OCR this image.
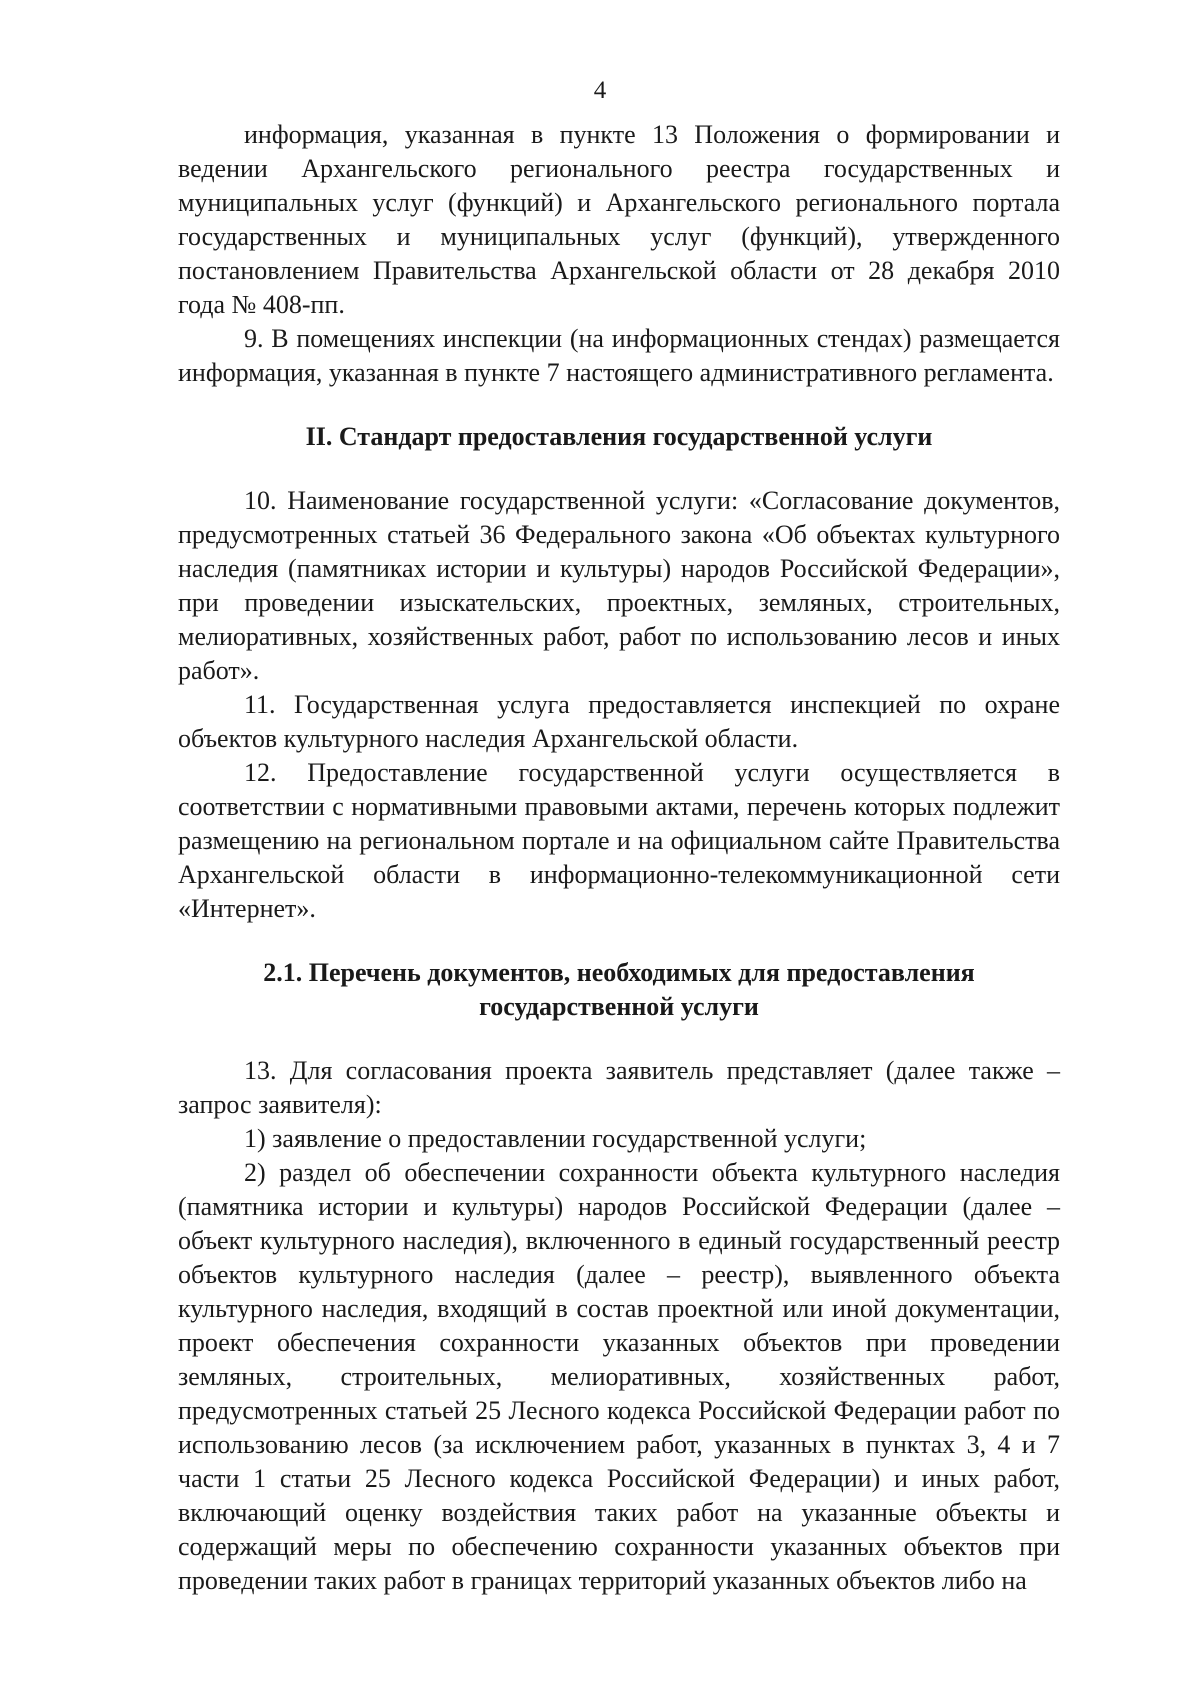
4

информация, указанная в пункте 13 Положения о формировании и ведении Архангельского регионального реестра государственных и муниципальных услуг (функций) и Архангельского регионального портала государственных и муниципальных услуг (функций), утвержденного постановлением Правительства Архангельской области от 28 декабря 2010 года № 408-пп.

9. В помещениях инспекции (на информационных стендах) размещается информация, указанная в пункте 7 настоящего административного регламента.

II. Стандарт предоставления государственной услуги

10. Наименование государственной услуги: «Согласование документов, предусмотренных статьей 36 Федерального закона «Об объектах культурного наследия (памятниках истории и культуры) народов Российской Федерации», при проведении изыскательских, проектных, земляных, строительных, мелиоративных, хозяйственных работ, работ по использованию лесов и иных работ».

11. Государственная услуга предоставляется инспекцией по охране объектов культурного наследия Архангельской области.

12. Предоставление государственной услуги осуществляется в соответствии с нормативными правовыми актами, перечень которых подлежит размещению на региональном портале и на официальном сайте Правительства Архангельской области в информационно-телекоммуникационной сети «Интернет».

2.1. Перечень документов, необходимых для предоставления
государственной услуги

13. Для согласования проекта заявитель представляет (далее также – запрос заявителя):

1) заявление о предоставлении государственной услуги;

2) раздел об обеспечении сохранности объекта культурного наследия (памятника истории и культуры) народов Российской Федерации (далее – объект культурного наследия), включенного в единый государственный реестр объектов культурного наследия (далее – реестр), выявленного объекта культурного наследия, входящий в состав проектной или иной документации, проект обеспечения сохранности указанных объектов при проведении земляных, строительных, мелиоративных, хозяйственных работ, предусмотренных статьей 25 Лесного кодекса Российской Федерации работ по использованию лесов (за исключением работ, указанных в пунктах 3, 4 и 7 части 1 статьи 25 Лесного кодекса Российской Федерации) и иных работ, включающий оценку воздействия таких работ на указанные объекты и содержащий меры по обеспечению сохранности указанных объектов при проведении таких работ в границах территорий указанных объектов либо на
